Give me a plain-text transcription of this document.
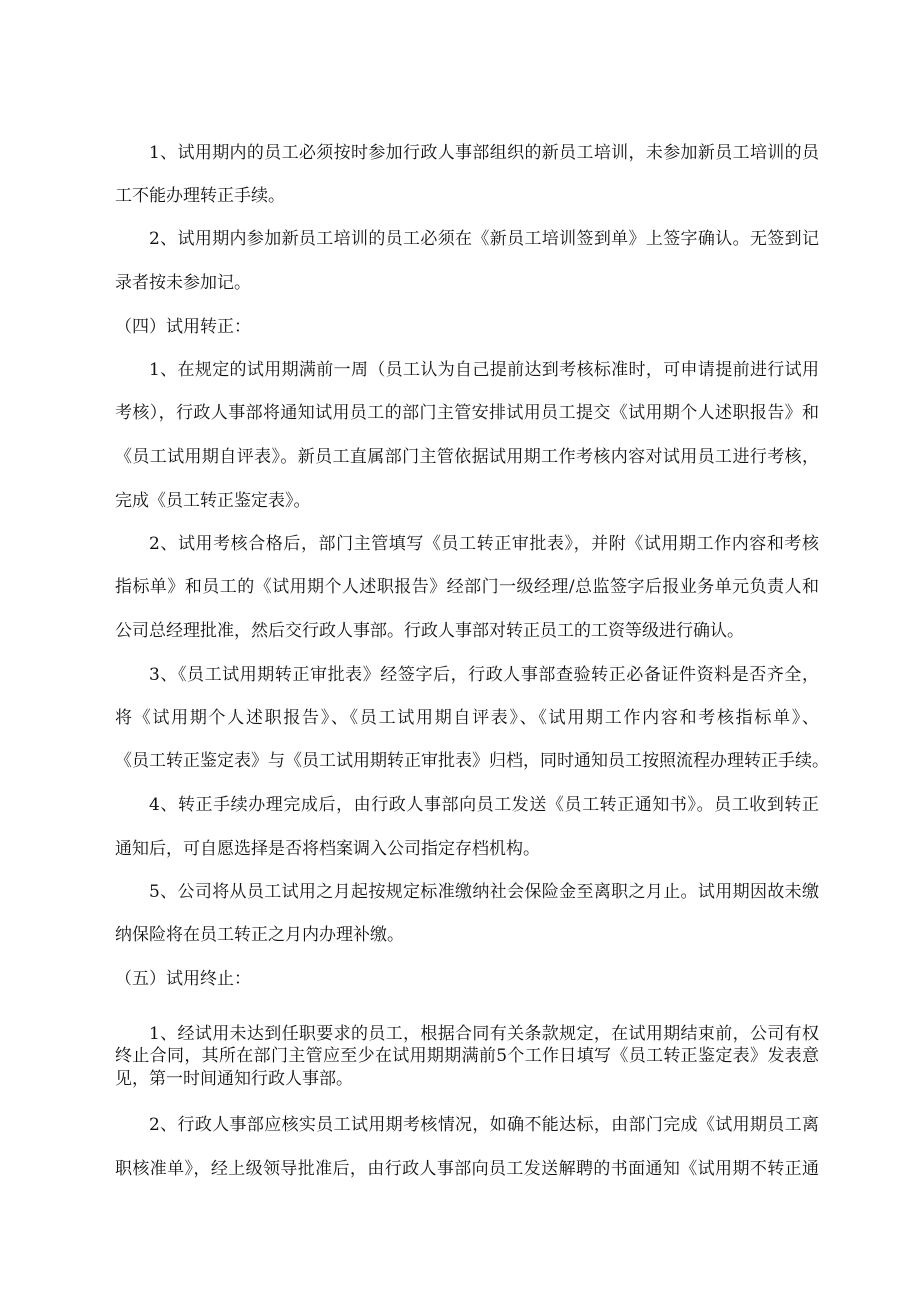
1、试用期内的员工必须按时参加行政人事部组织的新员工培训，未参加新员工培训的员
工不能办理转正手续。
2、试用期内参加新员工培训的员工必须在《新员工培训签到单》上签字确认。无签到记
录者按未参加记。
（四）试用转正：
1、在规定的试用期满前一周（员工认为自己提前达到考核标准时，可申请提前进行试用
考核），行政人事部将通知试用员工的部门主管安排试用员工提交《试用期个人述职报告》和
《员工试用期自评表》。新员工直属部门主管依据试用期工作考核内容对试用员工进行考核，
完成《员工转正鉴定表》。
2、试用考核合格后，部门主管填写《员工转正审批表》，并附《试用期工作内容和考核
指标单》和员工的《试用期个人述职报告》经部门一级经理/总监签字后报业务单元负责人和
公司总经理批准，然后交行政人事部。行政人事部对转正员工的工资等级进行确认。
3、《员工试用期转正审批表》经签字后，行政人事部查验转正必备证件资料是否齐全，
将《试用期个人述职报告》、《员工试用期自评表》、《试用期工作内容和考核指标单》、
《员工转正鉴定表》与《员工试用期转正审批表》归档，同时通知员工按照流程办理转正手续。
4、转正手续办理完成后，由行政人事部向员工发送《员工转正通知书》。员工收到转正
通知后，可自愿选择是否将档案调入公司指定存档机构。
5、公司将从员工试用之月起按规定标准缴纳社会保险金至离职之月止。试用期因故未缴
纳保险将在员工转正之月内办理补缴。
（五）试用终止：
1、经试用未达到任职要求的员工，根据合同有关条款规定，在试用期结束前，公司有权
终止合同，其所在部门主管应至少在试用期期满前5个工作日填写《员工转正鉴定表》发表意
见，第一时间通知行政人事部。
2、行政人事部应核实员工试用期考核情况，如确不能达标，由部门完成《试用期员工离
职核准单》，经上级领导批准后，由行政人事部向员工发送解聘的书面通知《试用期不转正通
